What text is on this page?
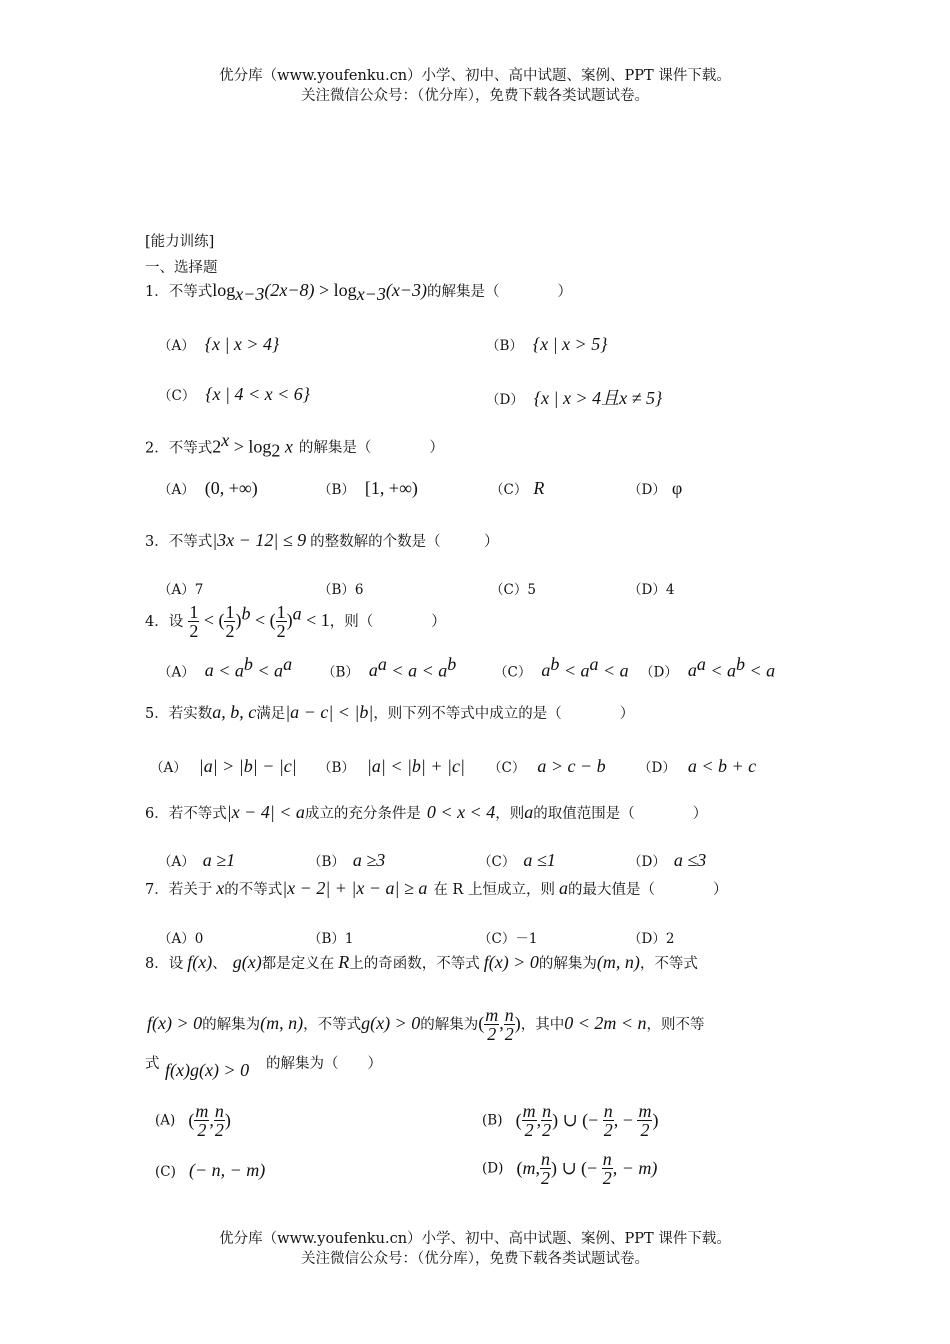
优分库（www.youfenku.cn）小学、初中、高中试题、案例、PPT 课件下载。
关注微信公众号：（优分库），免费下载各类试题试卷。
[能力训练]
一、选择题
1．不等式$\log_{x-3}(2x-8) > \log_{x-3}(x-3)$的解集是（　　　　）
（A） {x | x > 4}	（B） {x | x > 5}
（C） {x | 4 < x < 6}	（D） {x | x > 4且x ≠ 5}
2．不等式$2^x > \log_2 x$ 的解集是（　　　　）
（A） (0, +∞)	（B） [1, +∞)	（C） R	（D） φ
3．不等式|3x − 12| ≤ 9 的整数解的个数是（　　　）
（A）7	（B）6	（C）5	（D）4
4．设 $\frac{1}{2}$ < ( $\frac{1}{2} )^b$ < ( $\frac{1}{2} )^a < 1$，则（　　　　）
（A） $a < a^b < a^a$ （B） $a^a < a < a^b$	（C） $a^b < a^a < a$ （D） $a^a < a^b < a$
5．若实数a, b, c满足|a − c| < |b|，则下列不等式中成立的是（　　　　）
（A） |a| > |b| − |c| （B） |a| < |b| + |c| （C） a > c − b （D） a < b + c
6．若不等式|x − 4| < a成立的充分条件是 0 < x < 4，则a的取值范围是（　　　　）
（A） a ≥1	（B） a ≥3	（C） a ≤1	（D） a ≤3
7．若关于 x的不等式|x − 2| + |x − a| ≥ a 在 R 上恒成立，则 a的最大值是（　　　　）
（A）0	（B）1	（C）－1	（D）2
8．设 f(x)、 g(x)都是定义在 R上的奇函数，不等式 f(x) > 0的解集为(m, n)，不等式
f(x) > 0的解集为(m, n)，不等式g(x) > 0的解集为( $\frac{m}{2}$ , $\frac{n}{2}$ )，其中0 < 2m < n，则不等
式 f(x)g(x) > 0 的解集为（　　）
(A) ( $\frac{m}{2}$ , $\frac{n}{2}$ )	(B) ( $\frac{m}{2}$ , $\frac{n}{2}$ ) ∪ (− $\frac{n}{2}$ , − $\frac{m}{2}$ )
(C) (− n, − m)	(D) (m, $\frac{n}{2}$ ) ∪ (− $\frac{n}{2}$ , − m)
优分库（www.youfenku.cn）小学、初中、高中试题、案例、PPT 课件下载。
关注微信公众号：（优分库），免费下载各类试题试卷。
